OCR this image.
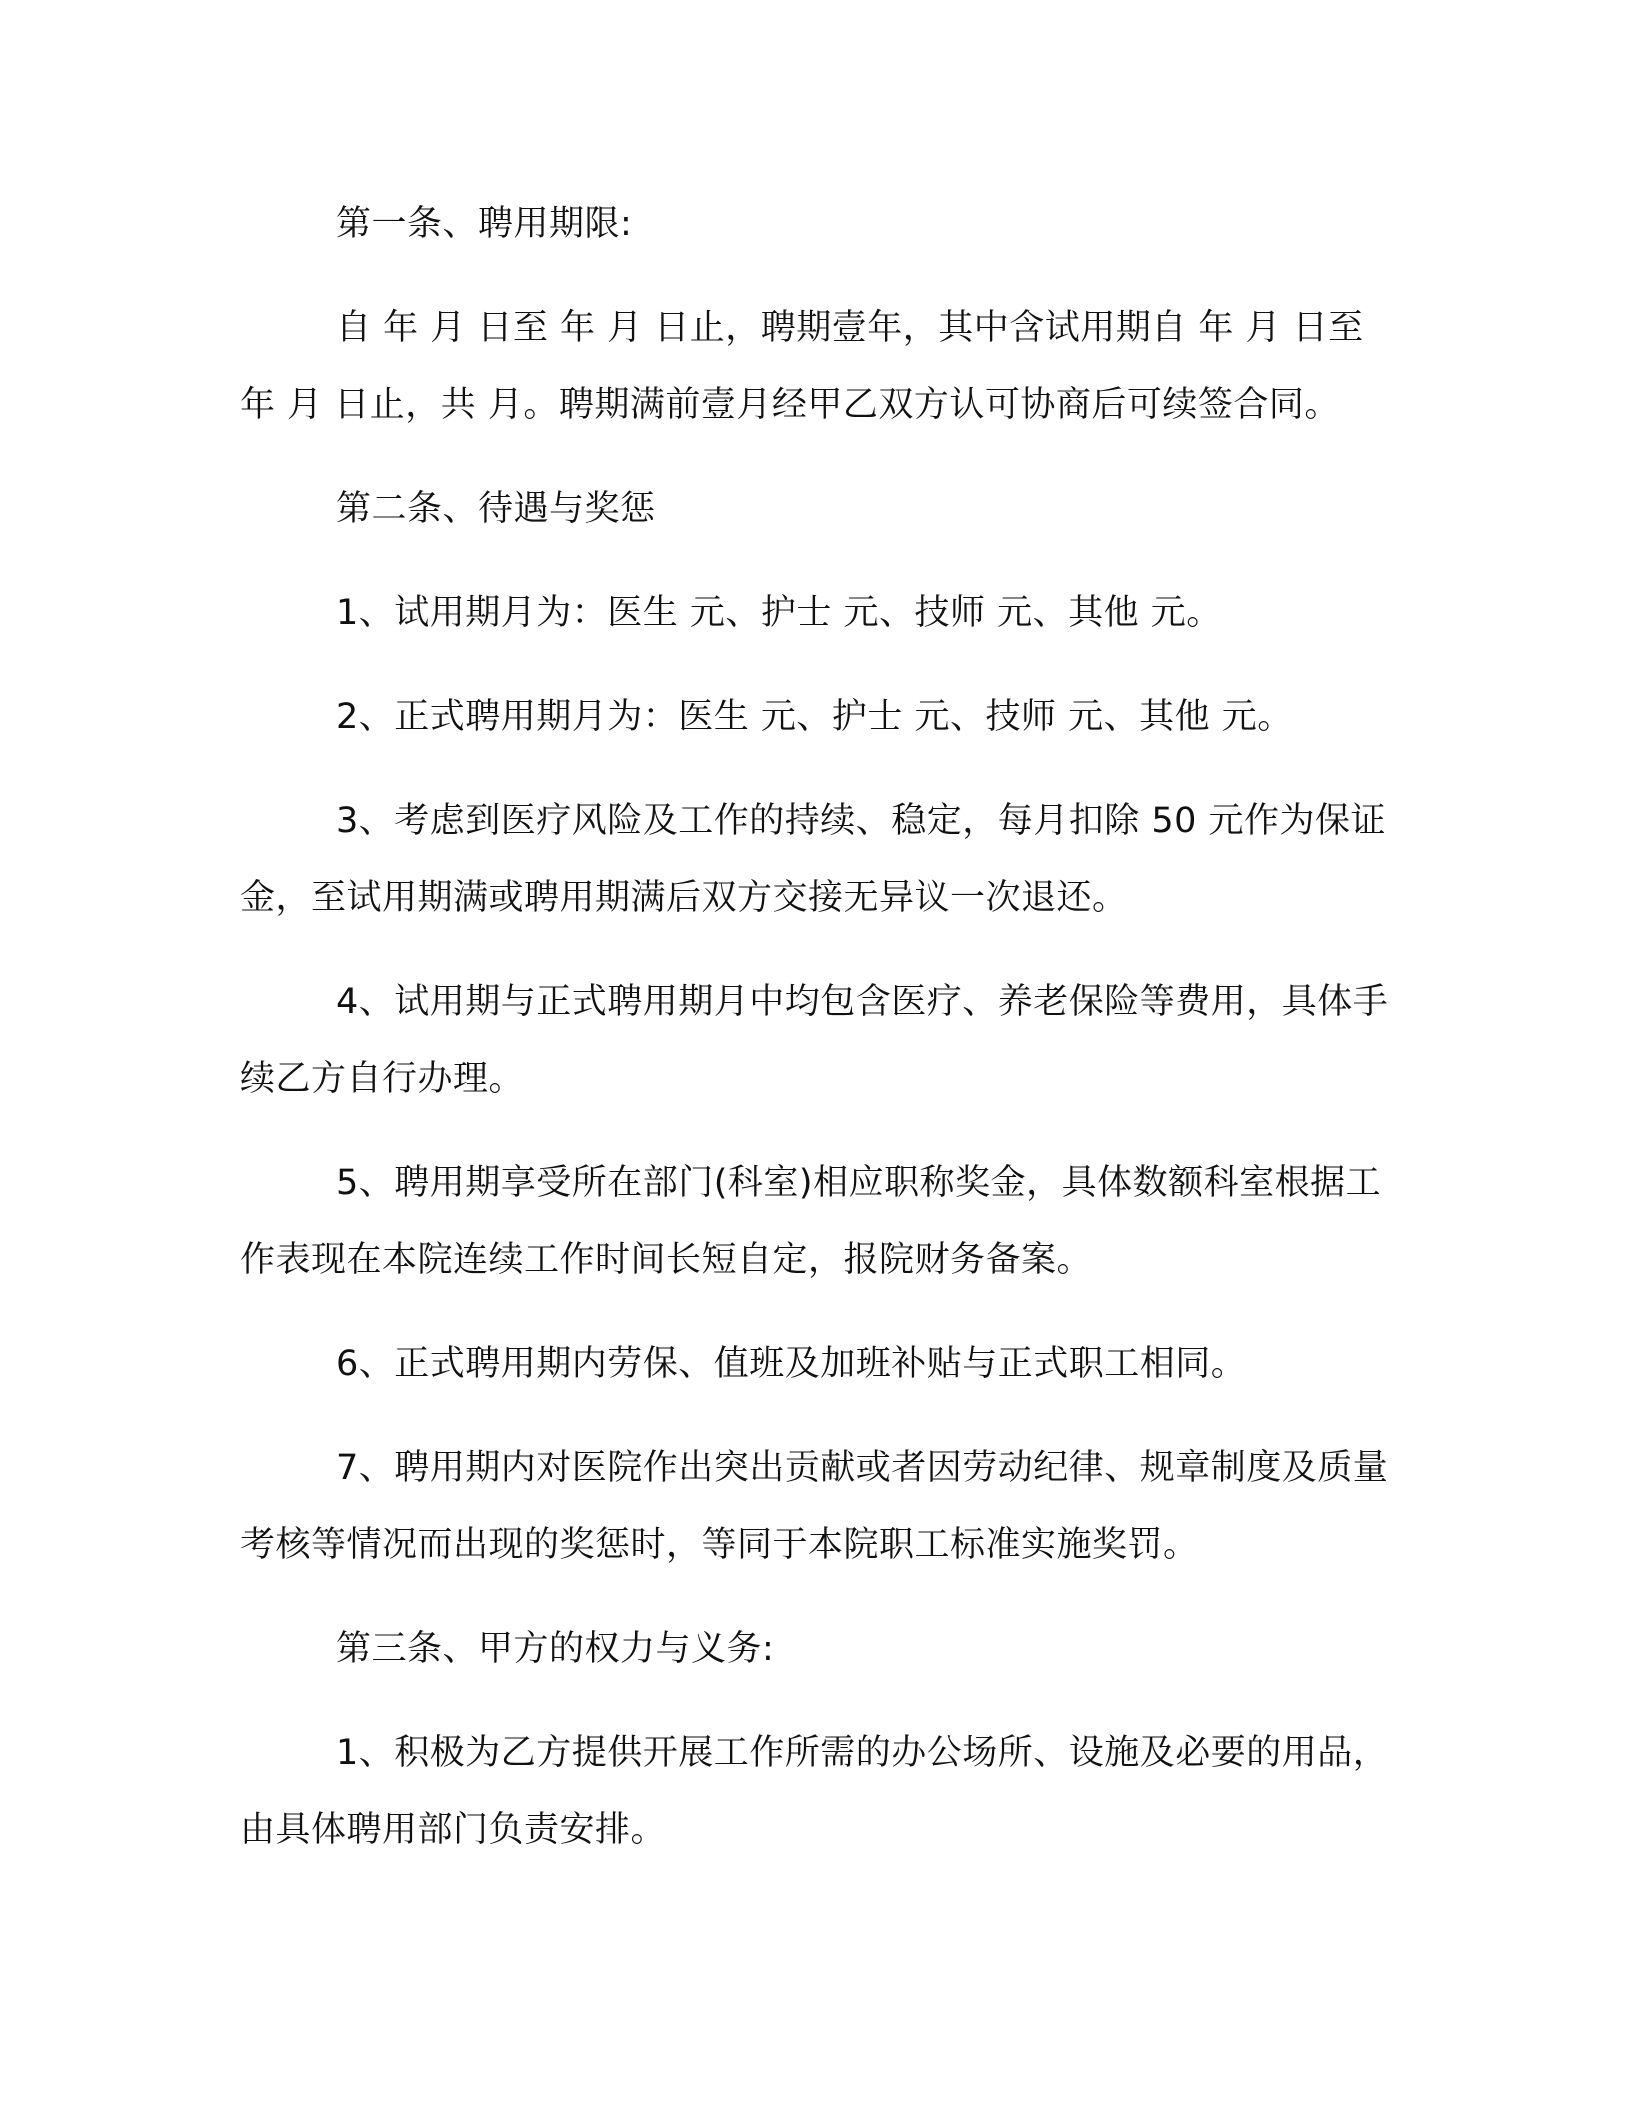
第一条、聘用期限:

自 年 月 日至 年 月 日止，聘期壹年，其中含试用期自 年 月 日至 年 月 日止，共 月。聘期满前壹月经甲乙双方认可协商后可续签合同。

第二条、待遇与奖惩

1、试用期月为：医生 元、护士 元、技师 元、其他 元。

2、正式聘用期月为：医生 元、护士 元、技师 元、其他 元。

3、考虑到医疗风险及工作的持续、稳定，每月扣除 50 元作为保证金，至试用期满或聘用期满后双方交接无异议一次退还。

4、试用期与正式聘用期月中均包含医疗、养老保险等费用，具体手续乙方自行办理。

5、聘用期享受所在部门(科室)相应职称奖金，具体数额科室根据工作表现在本院连续工作时间长短自定，报院财务备案。

6、正式聘用期内劳保、值班及加班补贴与正式职工相同。

7、聘用期内对医院作出突出贡献或者因劳动纪律、规章制度及质量考核等情况而出现的奖惩时，等同于本院职工标准实施奖罚。

第三条、甲方的权力与义务:

1、积极为乙方提供开展工作所需的办公场所、设施及必要的用品，由具体聘用部门负责安排。
